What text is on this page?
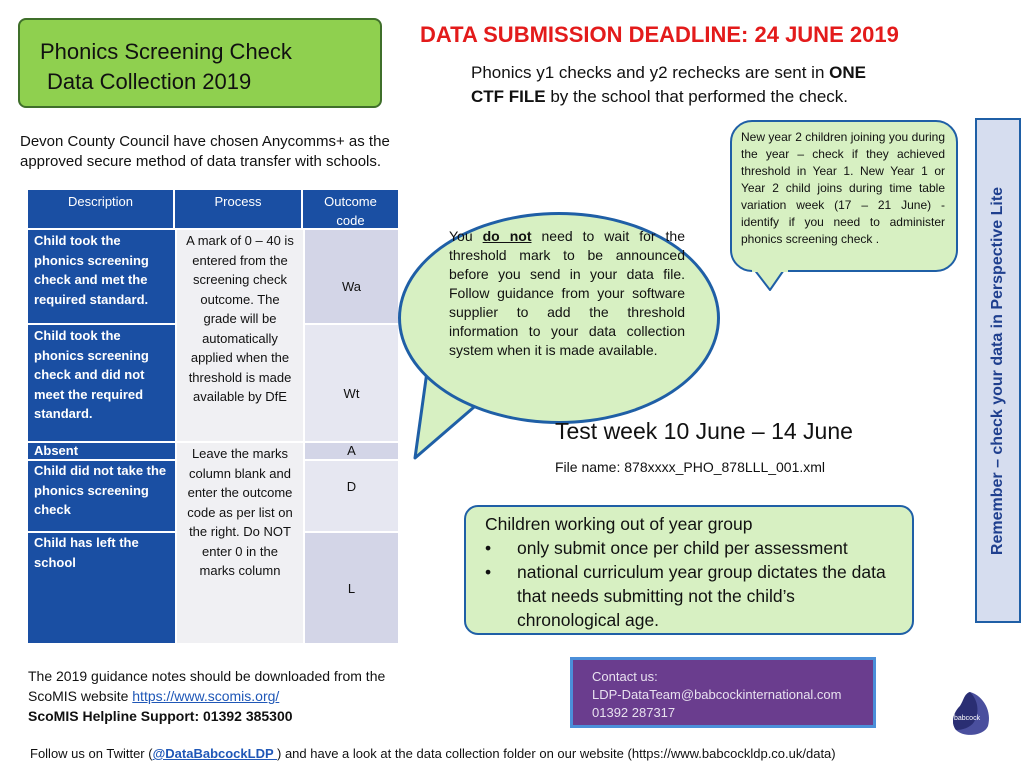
Phonics Screening Check
Data Collection 2019
DATA SUBMISSION DEADLINE: 24 JUNE 2019
Phonics y1 checks and y2 rechecks are sent in ONE
CTF FILE by the school that performed the check.
Devon County Council have chosen Anycomms+ as the approved secure method of data transfer with schools.
Description	Process	Outcome
code
Child took the phonics screening check and met the required standard.
Child took the phonics screening check and did not meet the required standard.
Absent
Child did not take the phonics screening check
Child has left the school
A mark of 0 – 40 is entered from the screening check outcome. The grade will be automatically applied when the threshold is made available by DfE
Leave the marks column blank and enter the outcome code as per list on the right. Do NOT enter 0 in the marks column
Wa
Wt
A
D
L
You do not need to wait for the threshold mark to be announced before you send in your data file. Follow guidance from your software supplier to add the threshold information to your data collection system when it is made available.
New year 2 children joining you during the year – check if they achieved threshold in Year 1. New Year 1 or Year 2 child joins during time table variation week (17 – 21 June) - identify if you need to administer phonics screening check .
Test week 10 June – 14 June
File name: 878xxxx_PHO_878LLL_001.xml
Children working out of year group
• only submit once per child per assessment
• national curriculum year group dictates the data that needs submitting not the child’s chronological age.
Remember – check your data in Perspective Lite
Contact us:
LDP-DataTeam@babcockinternational.com
01392 287317
The 2019 guidance notes should be downloaded from the
ScoMIS website https://www.scomis.org/
ScoMIS Helpline Support: 01392 385300
Follow us on Twitter (@DataBabcockLDP ) and have a look at the data collection folder on our website (https://www.babcockldp.co.uk/data)
babcock
